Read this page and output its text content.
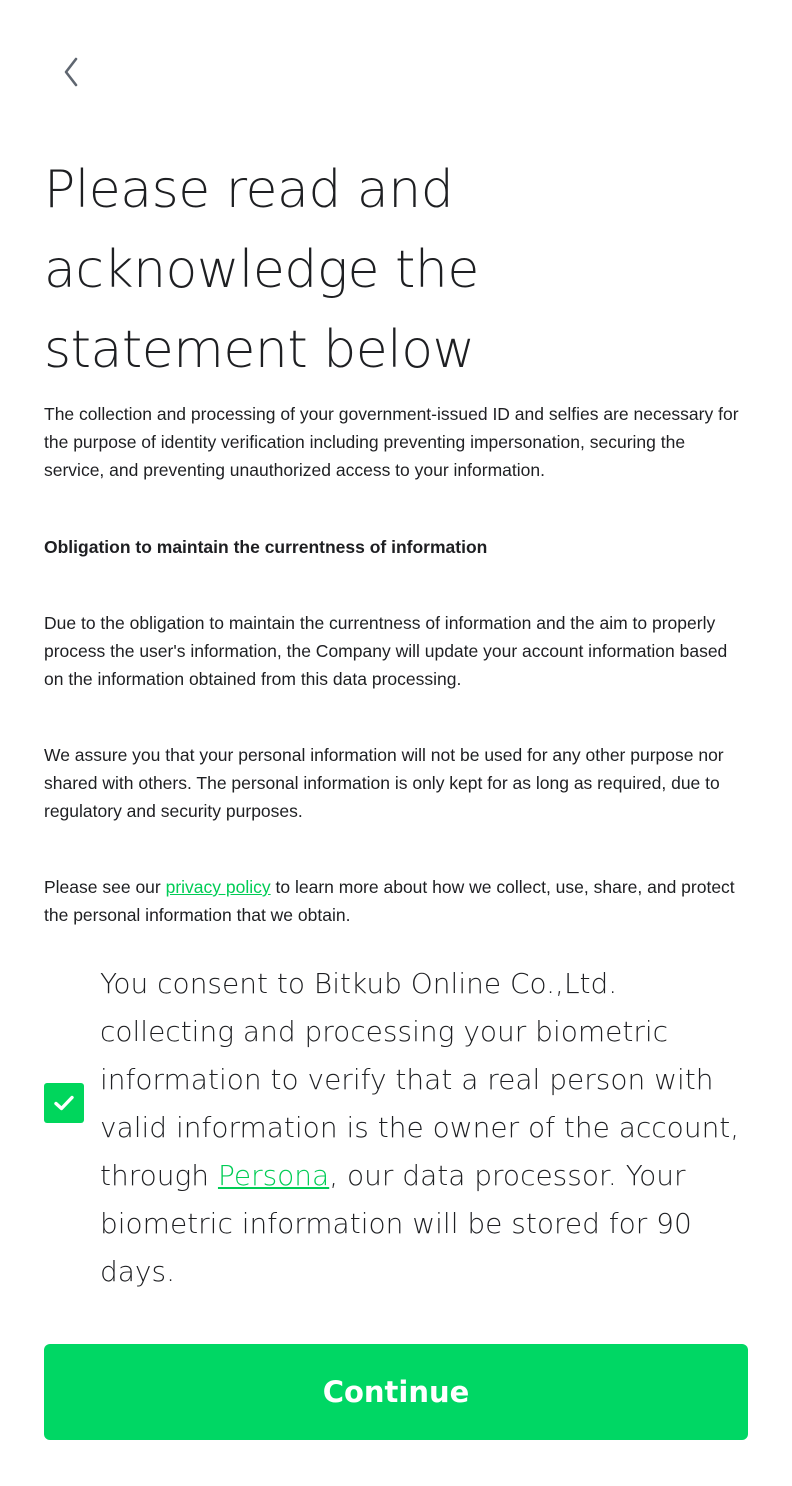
Please read and acknowledge the statement below

The collection and processing of your government-issued ID and selfies are necessary for the purpose of identity verification including preventing impersonation, securing the service, and preventing unauthorized access to your information.

Obligation to maintain the currentness of information

Due to the obligation to maintain the currentness of information and the aim to properly process the user's information, the Company will update your account information based on the information obtained from this data processing.

We assure you that your personal information will not be used for any other purpose nor shared with others. The personal information is only kept for as long as required, due to regulatory and security purposes.

Please see our privacy policy to learn more about how we collect, use, share, and protect the personal information that we obtain.

You consent to Bitkub Online Co.,Ltd. collecting and processing your biometric information to verify that a real person with valid information is the owner of the account, through Persona, our data processor. Your biometric information will be stored for 90 days.

Continue
